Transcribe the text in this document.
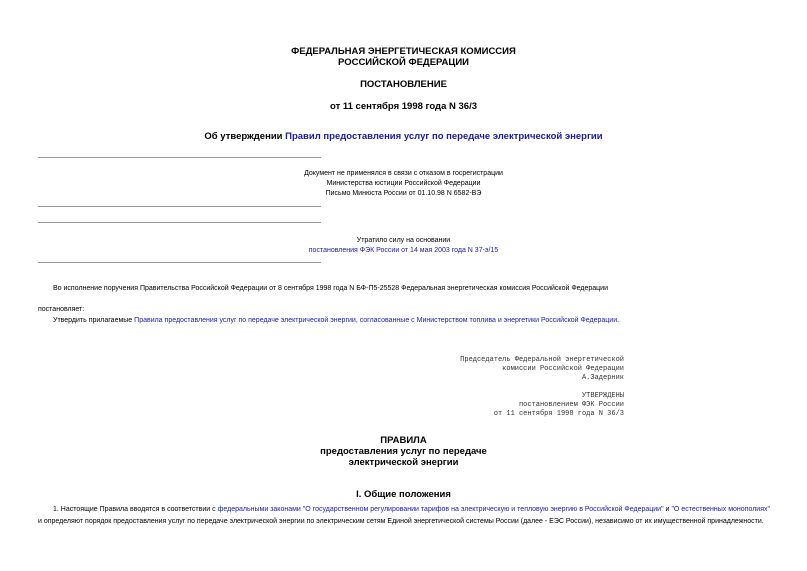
ФЕДЕРАЛЬНАЯ ЭНЕРГЕТИЧЕСКАЯ КОМИССИЯ
РОССИЙСКОЙ ФЕДЕРАЦИИ
ПОСТАНОВЛЕНИЕ
от 11 сентября 1998 года N 36/3
Об утверждении Правил предоставления услуг по передаче электрической энергии
Документ не применялся в связи с отказом в госрегистрации
Министерства юстиции Российской Федерации
Письмо Минюста России от 01.10.98 N 6582-ВЭ
Утратило силу на основании
постановления ФЭК России от 14 мая 2003 года N 37-э/15
Во исполнение поручения Правительства Российской Федерации от 8 сентября 1998 года N БФ-П5-25528 Федеральная энергетическая комиссия Российской Федерации
постановляет:
Утвердить прилагаемые Правила предоставления услуг по передаче электрической энергии, согласованные с Министерством топлива и энергетики Российской Федерации.
Председатель Федеральной энергетической
комиссии Российской Федерации
А.Задерник
УТВЕРЖДЕНЫ
постановлением ФЭК России
от 11 сентября 1998 года N 36/3
ПРАВИЛА
предоставления услуг по передаче
электрической энергии
I. Общие положения
1. Настоящие Правила вводятся в соответствии с федеральными законами "О государственном регулировании тарифов на электрическую и тепловую энергию в Российской Федерации" и "О естественных монополиях" и определяют порядок предоставления услуг по передаче электрической энергии по электрическим сетям Единой энергетической системы России (далее - ЕЭС России), независимо от их имущественной принадлежности.
